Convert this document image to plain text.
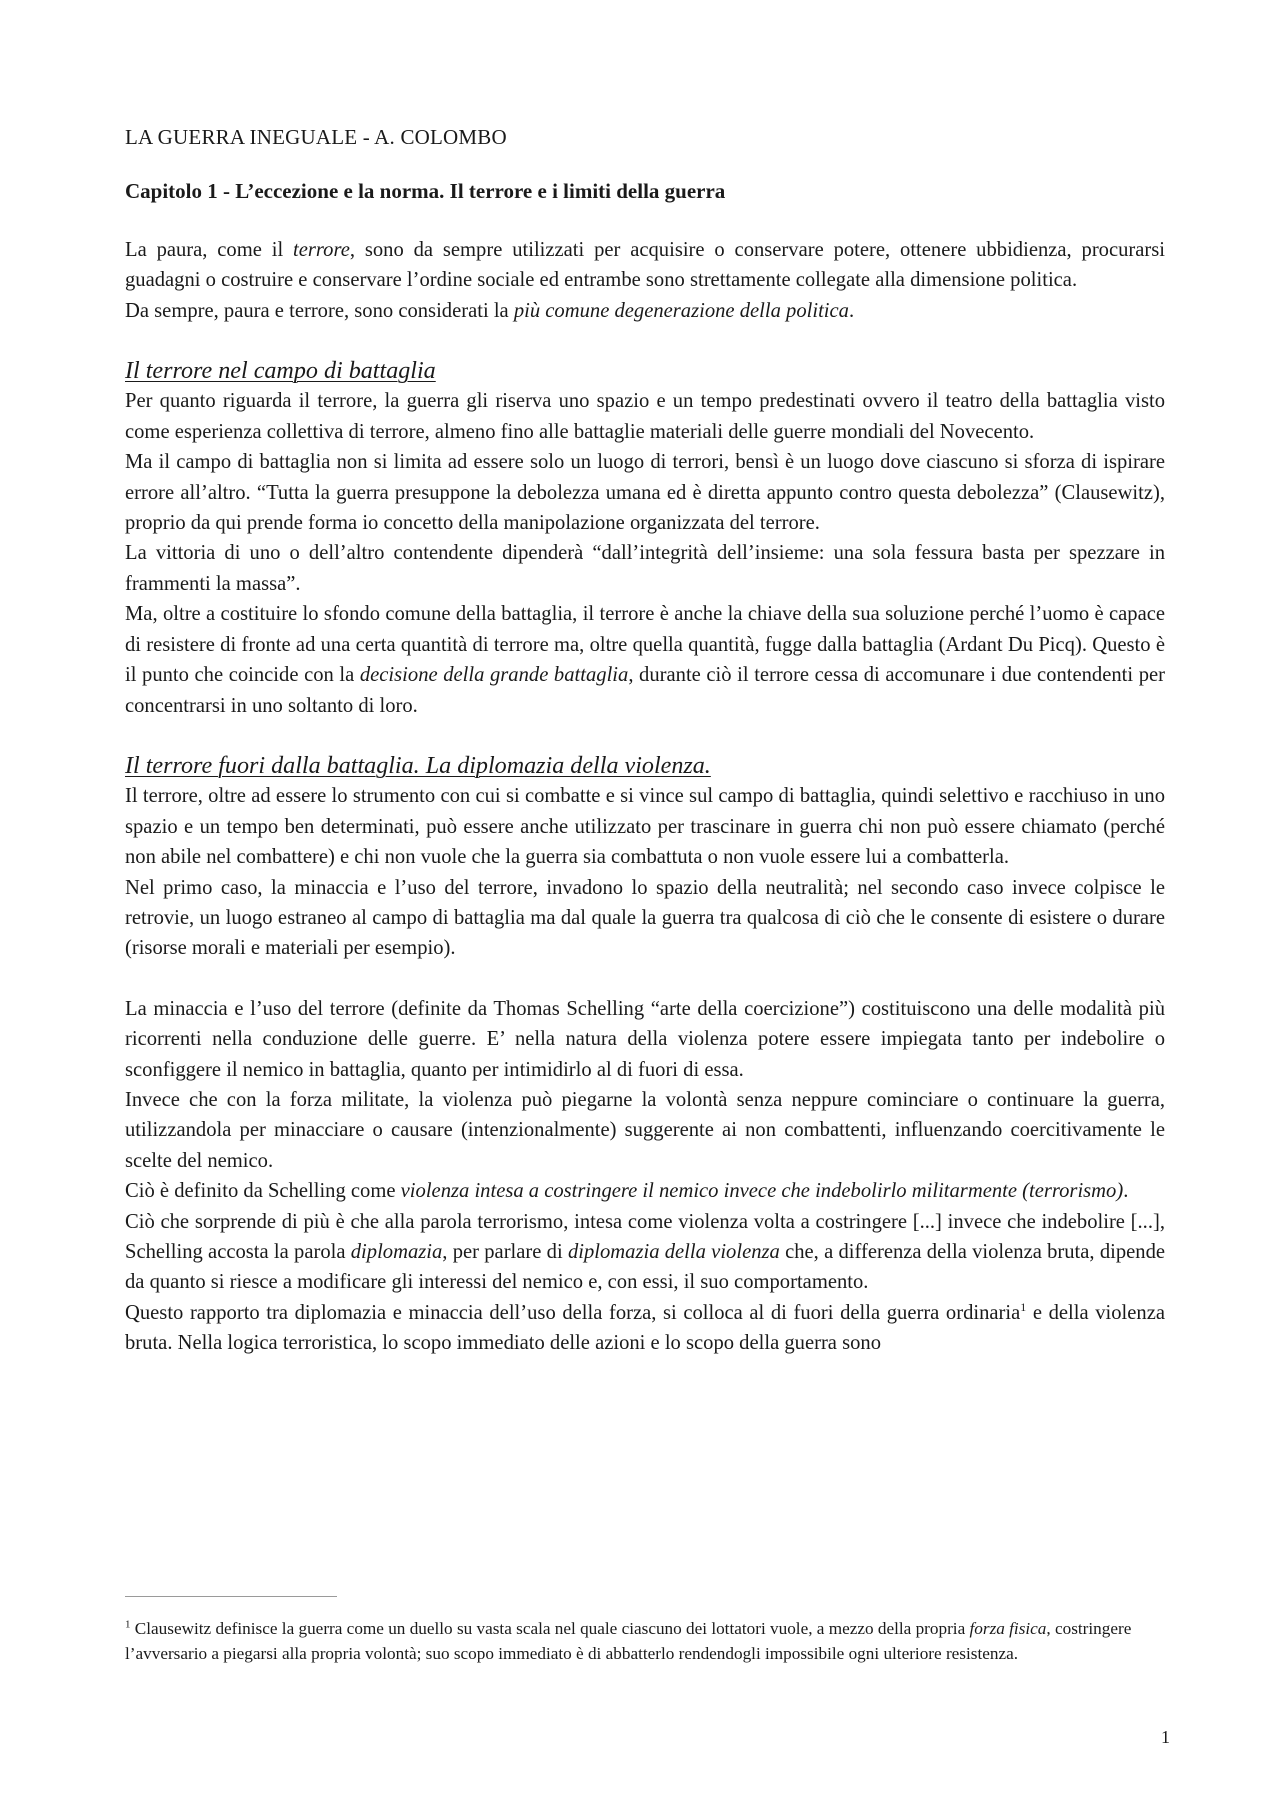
LA GUERRA INEGUALE - A. COLOMBO
Capitolo 1 - L’eccezione e la norma. Il terrore e i limiti della guerra

La paura, come il terrore, sono da sempre utilizzati per acquisire o conservare potere, ottenere ubbidienza, procurarsi guadagni o costruire e conservare l’ordine sociale ed entrambe sono strettamente collegate alla dimensione politica.

Da sempre, paura e terrore, sono considerati la più comune degenerazione della politica.

Il terrore nel campo di battaglia

Per quanto riguarda il terrore, la guerra gli riserva uno spazio e un tempo predestinati ovvero il teatro della battaglia visto come esperienza collettiva di terrore, almeno fino alle battaglie materiali delle guerre mondiali del Novecento.

Ma il campo di battaglia non si limita ad essere solo un luogo di terrori, bensì è un luogo dove ciascuno si sforza di ispirare errore all’altro. “Tutta la guerra presuppone la debolezza umana ed è diretta appunto contro questa debolezza” (Clausewitz), proprio da qui prende forma io concetto della manipolazione organizzata del terrore.

La vittoria di uno o dell’altro contendente dipenderà “dall’integrità dell’insieme: una sola fessura basta per spezzare in frammenti la massa”.

Ma, oltre a costituire lo sfondo comune della battaglia, il terrore è anche la chiave della sua soluzione perché l’uomo è capace di resistere di fronte ad una certa quantità di terrore ma, oltre quella quantità, fugge dalla battaglia (Ardant Du Picq). Questo è il punto che coincide con la decisione della grande battaglia, durante ciò il terrore cessa di accomunare i due contendenti per concentrarsi in uno soltanto di loro.

Il terrore fuori dalla battaglia. La diplomazia della violenza.

Il terrore, oltre ad essere lo strumento con cui si combatte e si vince sul campo di battaglia, quindi selettivo e racchiuso in uno spazio e un tempo ben determinati, può essere anche utilizzato per trascinare in guerra chi non può essere chiamato (perché non abile nel combattere) e chi non vuole che la guerra sia combattuta o non vuole essere lui a combatterla.

Nel primo caso, la minaccia e l’uso del terrore, invadono lo spazio della neutralità; nel secondo caso invece colpisce le retrovie, un luogo estraneo al campo di battaglia ma dal quale la guerra tra qualcosa di ciò che le consente di esistere o durare (risorse morali e materiali per esempio).

La minaccia e l’uso del terrore (definite da Thomas Schelling “arte della coercizione”) costituiscono una delle modalità più ricorrenti nella conduzione delle guerre. E’ nella natura della violenza potere essere impiegata tanto per indebolire o sconfiggere il nemico in battaglia, quanto per intimidirlo al di fuori di essa.

Invece che con la forza militate, la violenza può piegarne la volontà senza neppure cominciare o continuare la guerra, utilizzandola per minacciare o causare (intenzionalmente) suggerente ai non combattenti, influenzando coercitivamente le scelte del nemico.

Ciò è definito da Schelling come violenza intesa a costringere il nemico invece che indebolirlo militarmente (terrorismo).

Ciò che sorprende di più è che alla parola terrorismo, intesa come violenza volta a costringere [...] invece che indebolire [...], Schelling accosta la parola diplomazia, per parlare di diplomazia della violenza che, a differenza della violenza bruta, dipende da quanto si riesce a modificare gli interessi del nemico e, con essi, il suo comportamento.

Questo rapporto tra diplomazia e minaccia dell’uso della forza, si colloca al di fuori della guerra ordinaria$^1$ e della violenza bruta. Nella logica terroristica, lo scopo immediato delle azioni e lo scopo della guerra sono

$^1$ Clausewitz definisce la guerra come un duello su vasta scala nel quale ciascuno dei lottatori vuole, a mezzo della propria forza fisica, costringere l’avversario a piegarsi alla propria volontà; suo scopo immediato è di abbatterlo rendendogli impossibile ogni ulteriore resistenza.
1
